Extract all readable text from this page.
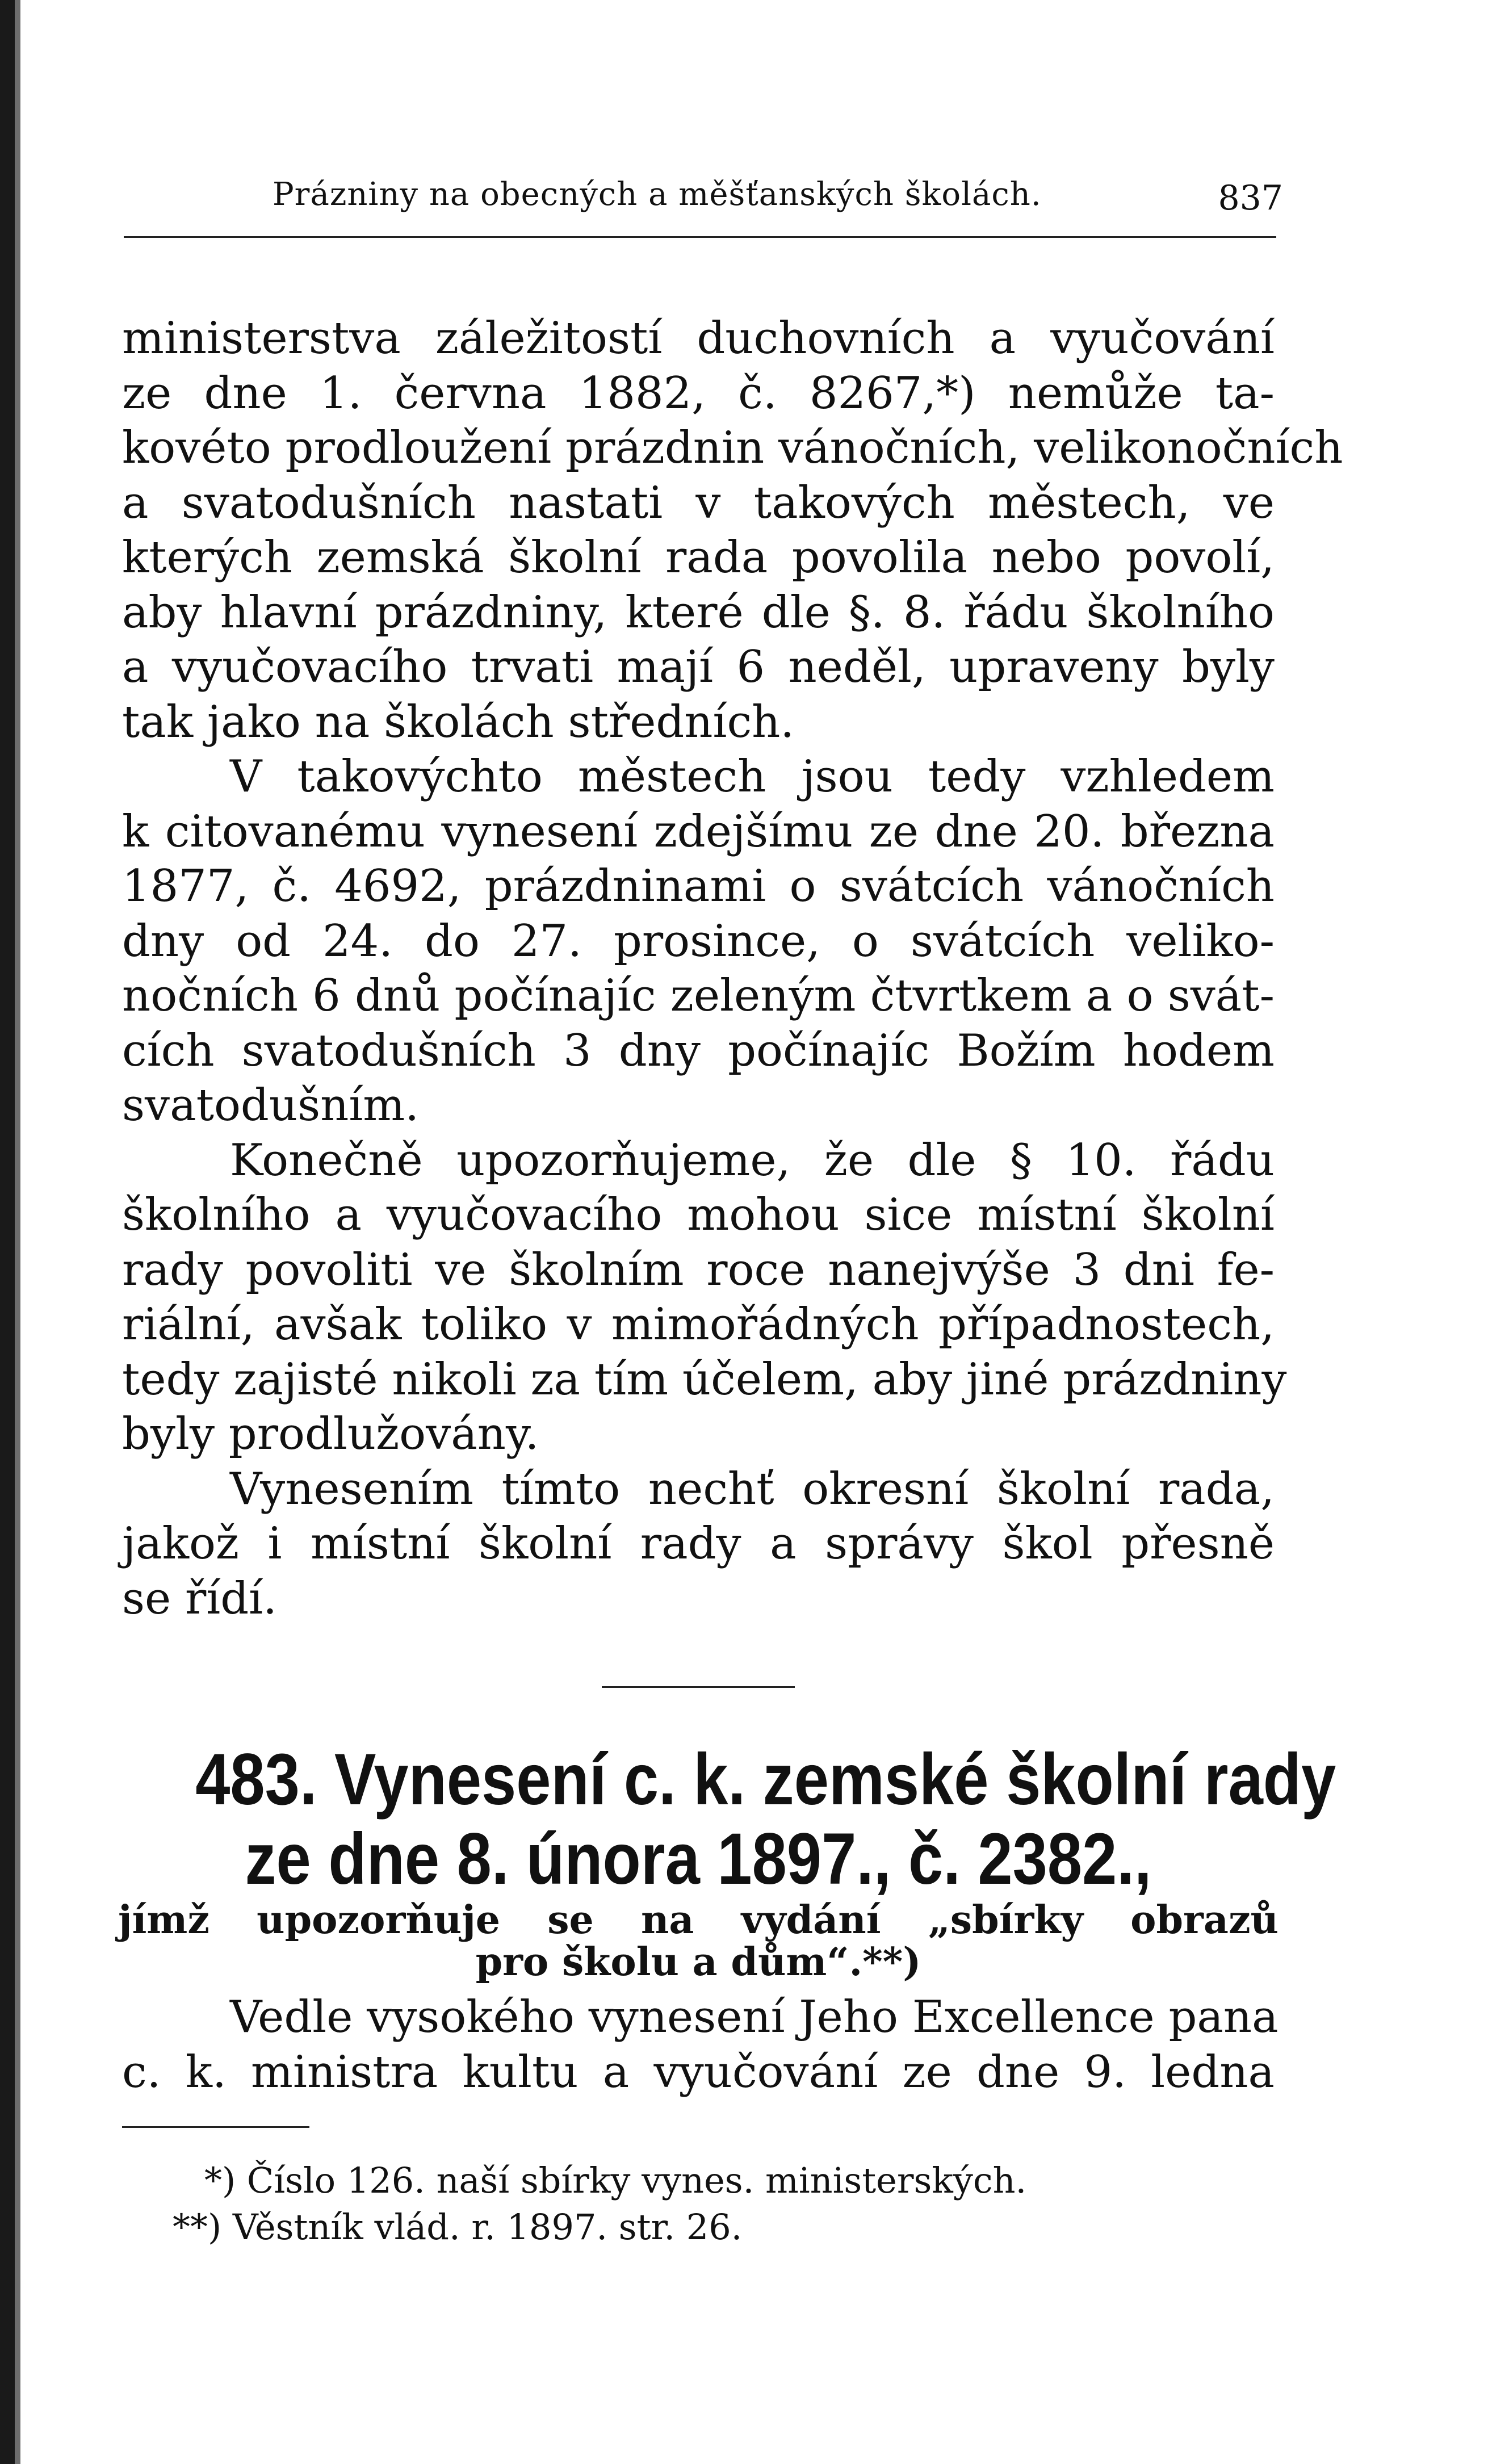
Prázniny na obecných a měšťanských školách.	837
ministerstva záležitostí duchovních a vyučování
ze dne 1. června 1882, č. 8267,*) nemůže ta-
kovéto prodloužení prázdnin vánočních, velikonočních
a svatodušních nastati v takových městech, ve
kterých zemská školní rada povolila nebo povolí,
aby hlavní prázdniny, které dle §. 8. řádu školního
a vyučovacího trvati mají 6 neděl, upraveny byly
tak jako na školách středních.
V takovýchto městech jsou tedy vzhledem
k citovanému vynesení zdejšímu ze dne 20. března
1877, č. 4692, prázdninami o svátcích vánočních
dny od 24. do 27. prosince, o svátcích veliko-
nočních 6 dnů počínajíc zeleným čtvrtkem a o svát-
cích svatodušních 3 dny počínajíc Božím hodem
svatodušním.
Konečně upozorňujeme, že dle § 10. řádu
školního a vyučovacího mohou sice místní školní
rady povoliti ve školním roce nanejvýše 3 dni fe-
riální, avšak toliko v mimořádných případnostech,
tedy zajisté nikoli za tím účelem, aby jiné prázdniny
byly prodlužovány.
Vynesením tímto nechť okresní školní rada,
jakož i místní školní rady a správy škol přesně
se řídí.
483. Vynesení c. k. zemské školní rady
ze dne 8. února 1897., č. 2382.,
jímž upozorňuje se na vydání „sbírky obrazů
pro školu a dům“.**)
Vedle vysokého vynesení Jeho Excellence pana
c. k. ministra kultu a vyučování ze dne 9. ledna
*) Číslo 126. naší sbírky vynes. ministerských.
**) Věstník vlád. r. 1897. str. 26.
